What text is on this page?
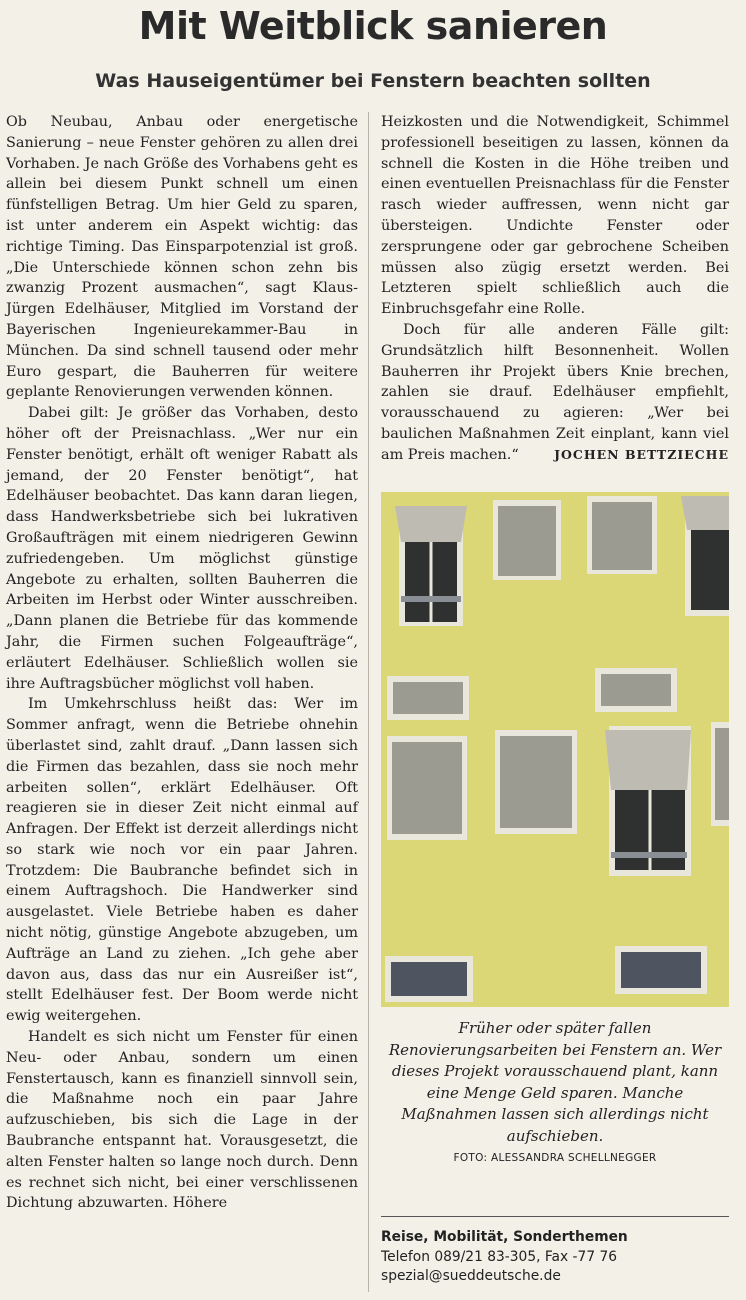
Mit Weitblick sanieren
Was Hauseigentümer bei Fenstern beachten sollten

Ob Neubau, Anbau oder energetische Sanierung – neue Fenster gehören zu allen drei Vorhaben. Je nach Größe des Vorhabens geht es allein bei diesem Punkt schnell um einen fünfstelligen Betrag. Um hier Geld zu sparen, ist unter anderem ein Aspekt wichtig: das richtige Timing. Das Einsparpotenzial ist groß. „Die Unterschiede können schon zehn bis zwanzig Prozent ausmachen“, sagt Klaus-Jürgen Edelhäuser, Mitglied im Vorstand der Bayerischen Ingenieurekammer-Bau in München. Da sind schnell tausend oder mehr Euro gespart, die Bauherren für weitere geplante Renovierungen verwenden können.

Dabei gilt: Je größer das Vorhaben, desto höher oft der Preisnachlass. „Wer nur ein Fenster benötigt, erhält oft weniger Rabatt als jemand, der 20 Fenster benötigt“, hat Edelhäuser beobachtet. Das kann daran liegen, dass Handwerksbetriebe sich bei lukrativen Großaufträgen mit einem niedrigeren Gewinn zufriedengeben. Um möglichst günstige Angebote zu erhalten, sollten Bauherren die Arbeiten im Herbst oder Winter ausschreiben. „Dann planen die Betriebe für das kommende Jahr, die Firmen suchen Folgeaufträge“, erläutert Edelhäuser. Schließlich wollen sie ihre Auftragsbücher möglichst voll haben.

Im Umkehrschluss heißt das: Wer im Sommer anfragt, wenn die Betriebe ohnehin überlastet sind, zahlt drauf. „Dann lassen sich die Firmen das bezahlen, dass sie noch mehr arbeiten sollen“, erklärt Edelhäuser. Oft reagieren sie in dieser Zeit nicht einmal auf Anfragen. Der Effekt ist derzeit allerdings nicht so stark wie noch vor ein paar Jahren. Trotzdem: Die Baubranche befindet sich in einem Auftragshoch. Die Handwerker sind ausgelastet. Viele Betriebe haben es daher nicht nötig, günstige Angebote abzugeben, um Aufträge an Land zu ziehen. „Ich gehe aber davon aus, dass das nur ein Ausreißer ist“, stellt Edelhäuser fest. Der Boom werde nicht ewig weitergehen.

Handelt es sich nicht um Fenster für einen Neu- oder Anbau, sondern um einen Fenstertausch, kann es finanziell sinnvoll sein, die Maßnahme noch ein paar Jahre aufzuschieben, bis sich die Lage in der Baubranche entspannt hat. Vorausgesetzt, die alten Fenster halten so lange noch durch. Denn es rechnet sich nicht, bei einer verschlissenen Dichtung abzuwarten. Höhere

Heizkosten und die Notwendigkeit, Schimmel professionell beseitigen zu lassen, können da schnell die Kosten in die Höhe treiben und einen eventuellen Preisnachlass für die Fenster rasch wieder auffressen, wenn nicht gar übersteigen. Undichte Fenster oder zersprungene oder gar gebrochene Scheiben müssen also zügig ersetzt werden. Bei Letzteren spielt schließlich auch die Einbruchsgefahr eine Rolle.

Doch für alle anderen Fälle gilt: Grundsätzlich hilft Besonnenheit. Wollen Bauherren ihr Projekt übers Knie brechen, zahlen sie drauf. Edelhäuser empfiehlt, vorausschauend zu agieren: „Wer bei baulichen Maßnahmen Zeit einplant, kann viel am Preis machen.“	JOCHEN BETTZIECHE

Früher oder später fallen Renovierungsarbeiten bei Fenstern an. Wer dieses Projekt vorausschauend plant, kann eine Menge Geld sparen. Manche Maßnahmen lassen sich allerdings nicht aufschieben.
FOTO: ALESSANDRA SCHELLNEGGER
Reise, Mobilität, Sonderthemen
Telefon 089/21 83-305, Fax -77 76
spezial@sueddeutsche.de
